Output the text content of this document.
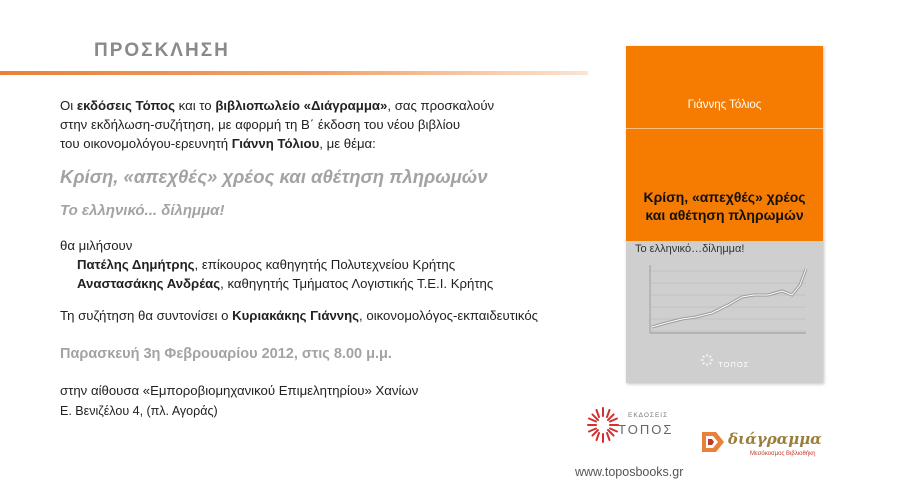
ΠΡΟΣΚΛΗΣΗ
Οι εκδόσεις Τόπος και το βιβλιοπωλείο «Διάγραμμα», σας προσκαλούν
στην εκδήλωση-συζήτηση, με αφορμή τη Β΄ έκδοση του νέου βιβλίου
του οικονομολόγου-ερευνητή Γιάννη Τόλιου, με θέμα:
Κρίση, «απεχθές» χρέος και αθέτηση πληρωμών
Το ελληνικό... δίλημμα!
θα μιλήσουν
Πατέλης Δημήτρης, επίκουρος καθηγητής Πολυτεχνείου Κρήτης
Αναστασάκης Ανδρέας, καθηγητής Τμήματος Λογιστικής Τ.Ε.Ι. Κρήτης
Τη συζήτηση θα συντονίσει ο Κυριακάκης Γιάννης, οικονομολόγος-εκπαιδευτικός
Παρασκευή 3η Φεβρουαρίου 2012, στις 8.00 μ.μ.
στην αίθουσα «Εμποροβιομηχανικού Επιμελητηρίου» Χανίων
Ε. Βενιζέλου 4, (πλ. Αγοράς)
Γιάννης Τόλιος
Κρίση, «απεχθές» χρέος
και αθέτηση πληρωμών
Το ελληνικό…δίλημμα!
ΤΟΠΟΣ
ΕΚΔΟΣΕΙΣ
ΤΟΠΟΣ
διάγραμμα
Μεσόκοσμος Βιβλιοθήκη
www.toposbooks.gr
